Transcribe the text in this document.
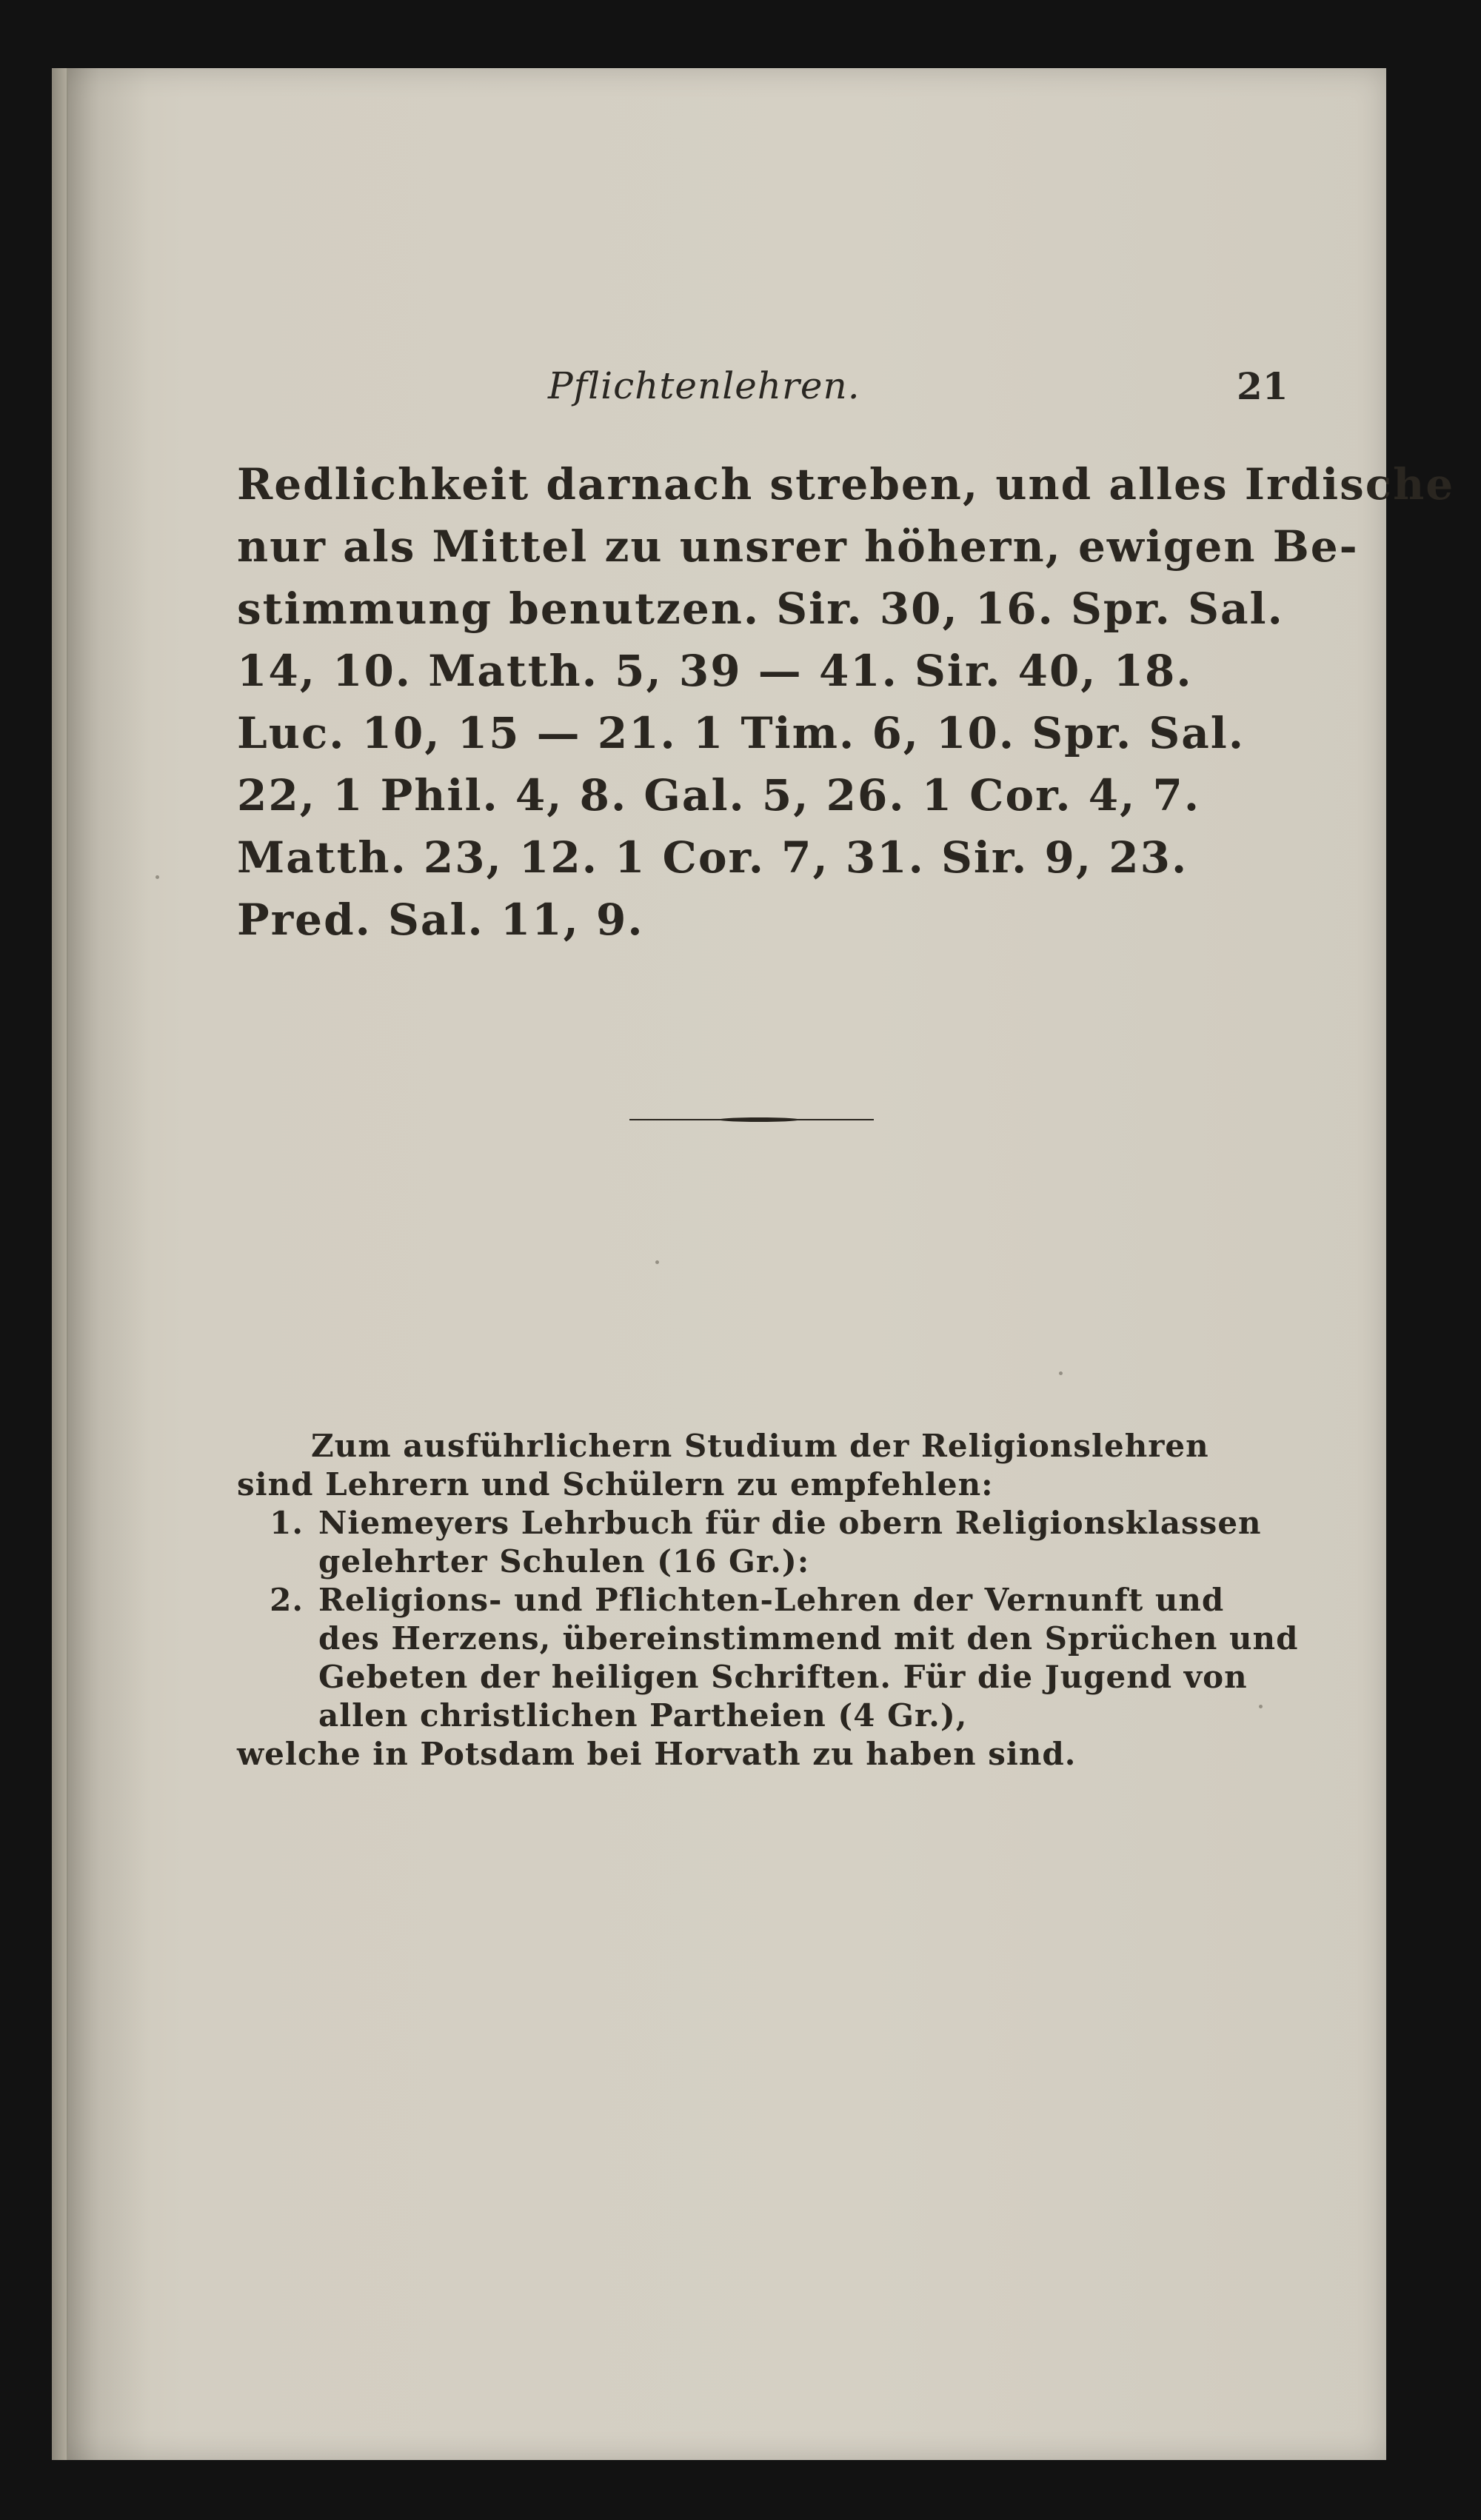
Pflichtenlehren.	21
Redlichkeit darnach streben, und alles Irdische
nur als Mittel zu unsrer höhern, ewigen Be-
stimmung benutzen. Sir. 30, 16. Spr. Sal.
14, 10. Matth. 5, 39 — 41. Sir. 40, 18.
Luc. 10, 15 — 21. 1 Tim. 6, 10. Spr. Sal.
22, 1 Phil. 4, 8. Gal. 5, 26. 1 Cor. 4, 7.
Matth. 23, 12. 1 Cor. 7, 31. Sir. 9, 23.
Pred. Sal. 11, 9.
Zum ausführlichern Studium der Religionslehren
sind Lehrern und Schülern zu empfehlen:
1. Niemeyers Lehrbuch für die obern Religionsklassen
gelehrter Schulen (16 Gr.):
2. Religions- und Pflichten-Lehren der Vernunft und
des Herzens, übereinstimmend mit den Sprüchen und
Gebeten der heiligen Schriften. Für die Jugend von
allen christlichen Partheien (4 Gr.),
welche in Potsdam bei Horvath zu haben sind.
